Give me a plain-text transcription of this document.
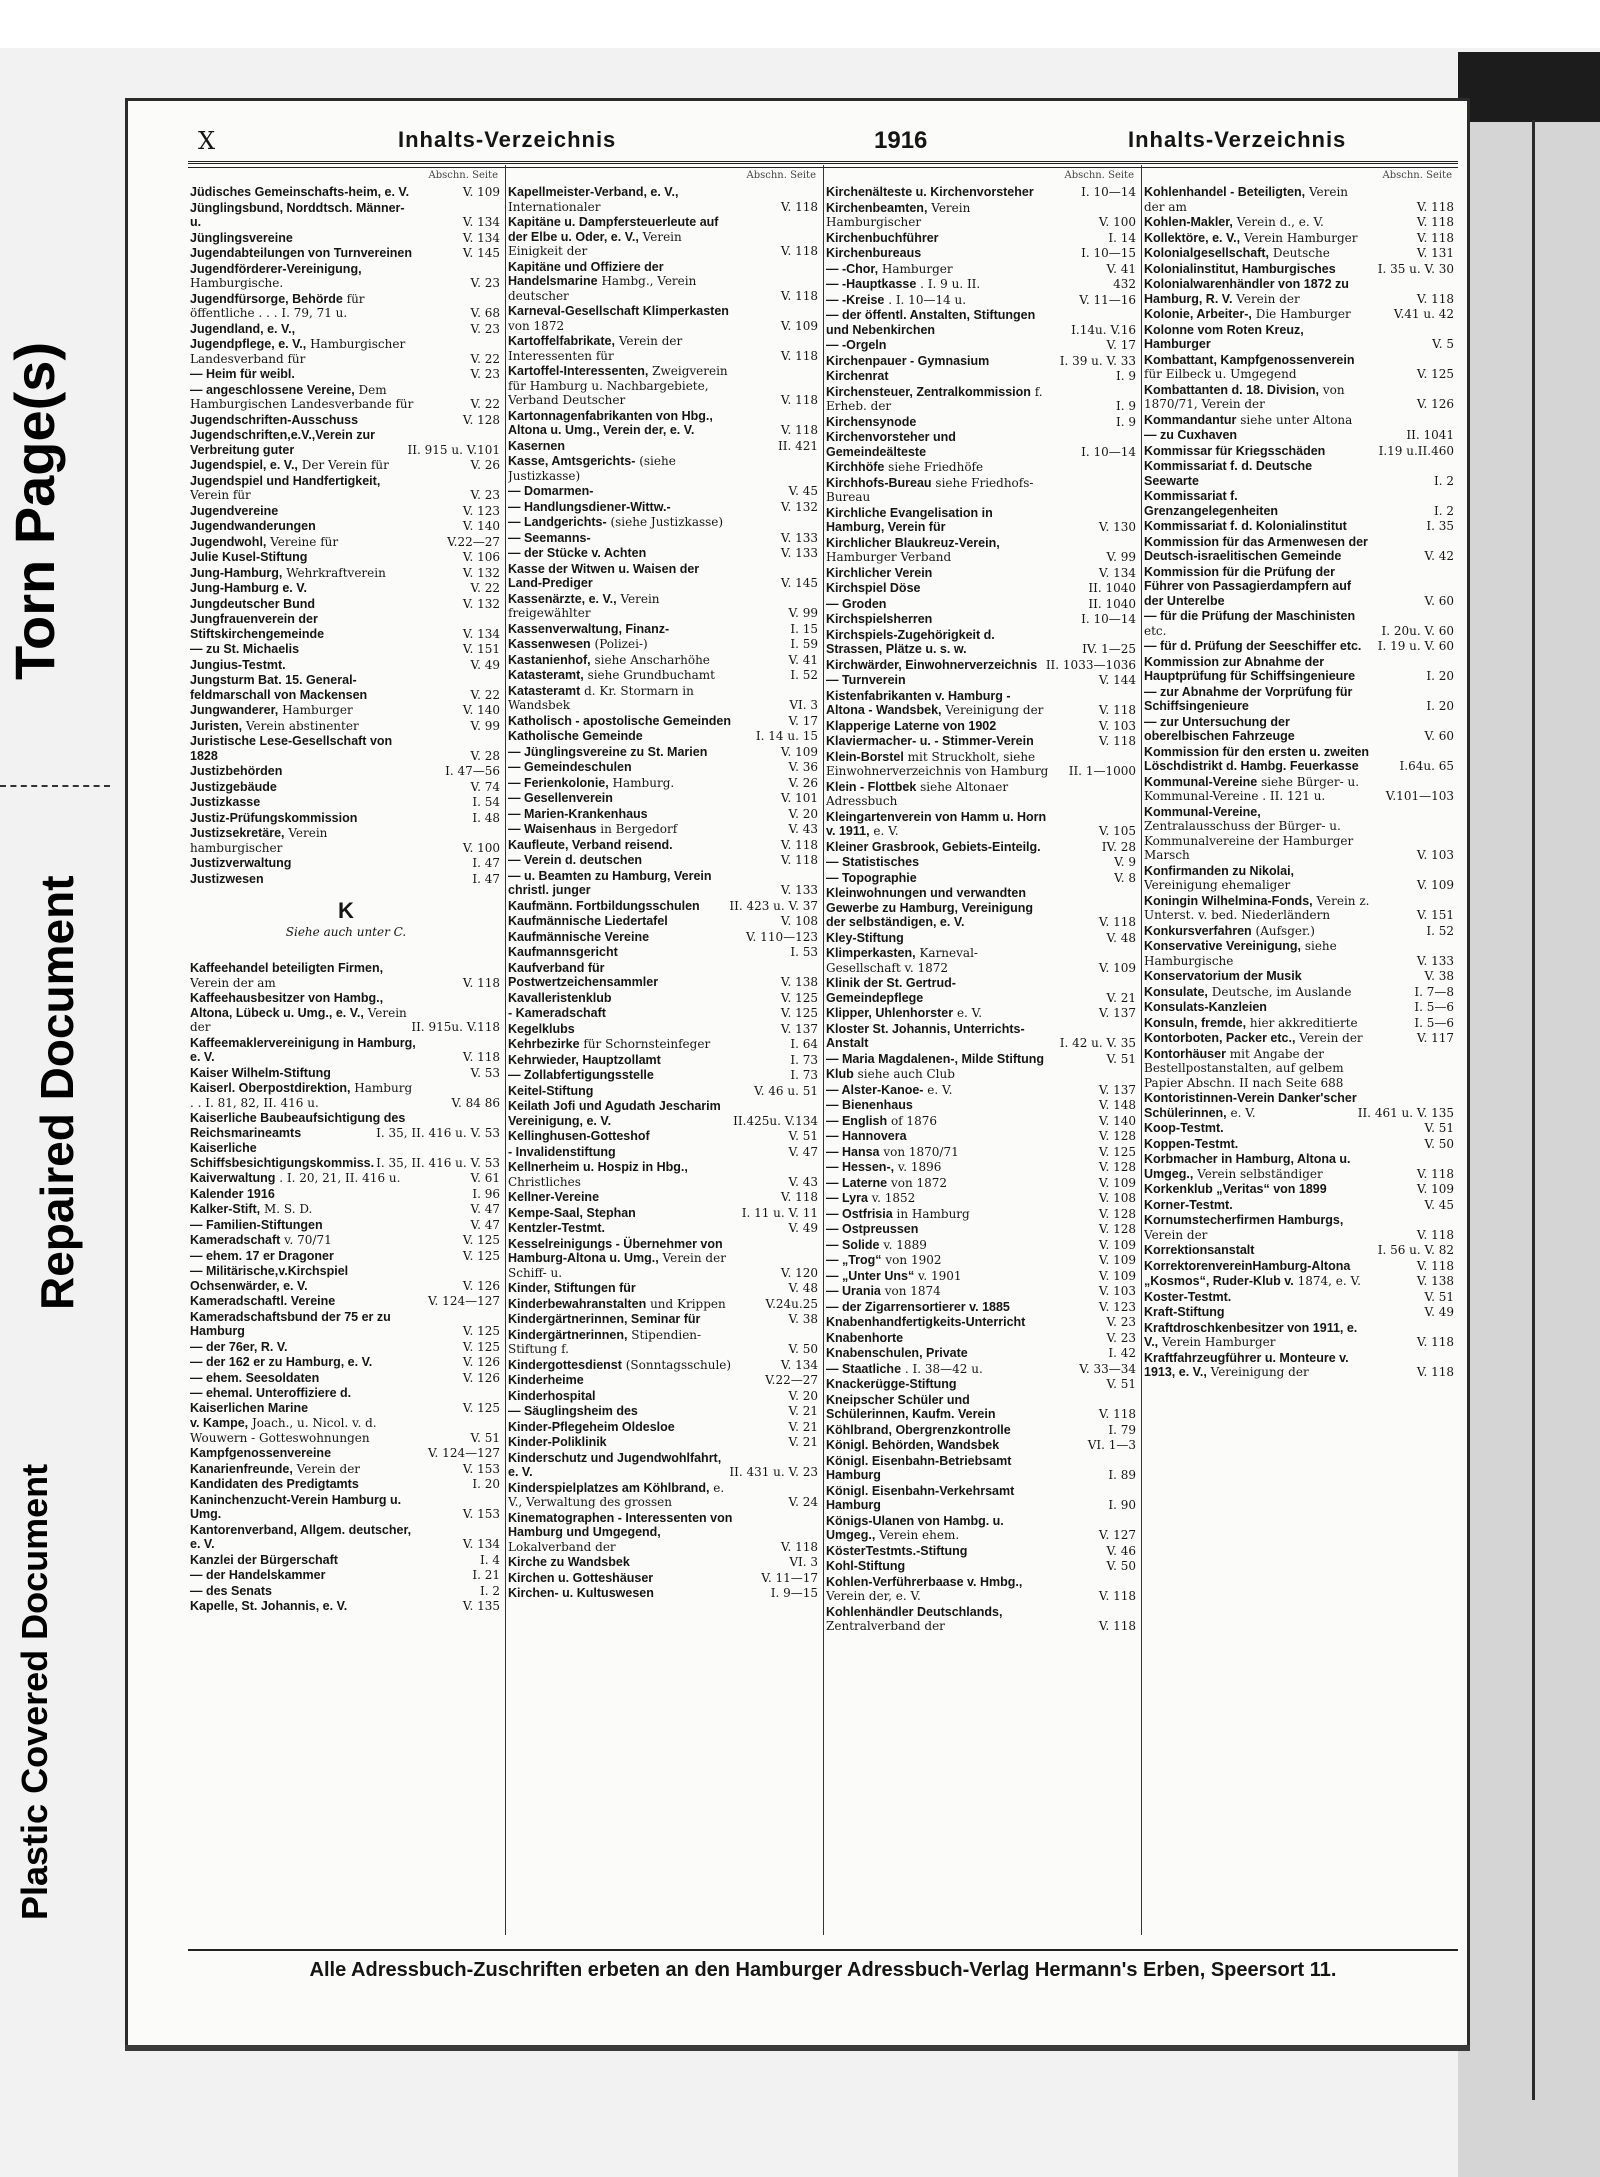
Torn Page(s)
Repaired Document
Plastic Covered Document
X	Inhalts-Verzeichnis	1916	Inhalts-Verzeichnis
Abschn. Seite
Jüdisches Gemeinschafts-heim, e. V.	V. 109
Jünglingsbund, Norddtsch. Männer- u.	V. 134
Jünglingsvereine	V. 134
Jugendabteilungen von Turnvereinen	V. 145
Jugendförderer-Vereinigung, Hamburgische.	V. 23
Jugendfürsorge, Behörde für öffentliche . . . I. 79, 71 u.	V. 68
Jugendland, e. V.,	V. 23
Jugendpflege, e. V., Hamburgischer Landesverband für	V. 22
— Heim für weibl.	V. 23
— angeschlossene Vereine, Dem Hamburgischen Landesverbande für	V. 22
Jugendschriften-Ausschuss	V. 128
Jugendschriften,e.V.,Verein zur Verbreitung guter	II. 915 u. V.101
Jugendspiel, e. V., Der Verein für	V. 26
Jugendspiel und Handfertigkeit, Verein für	V. 23
Jugendvereine	V. 123
Jugendwanderungen	V. 140
Jugendwohl, Vereine für	V.22—27
Julie Kusel-Stiftung	V. 106
Jung-Hamburg, Wehrkraftverein	V. 132
Jung-Hamburg e. V.	V. 22
Jungdeutscher Bund	V. 132
Jungfrauenverein der Stiftskirchengemeinde	V. 134
— zu St. Michaelis	V. 151
Jungius-Testmt.	V. 49
Jungsturm Bat. 15. General-feldmarschall von Mackensen	V. 22
Jungwanderer, Hamburger	V. 140
Juristen, Verein abstinenter	V. 99
Juristische Lese-Gesellschaft von 1828	V. 28
Justizbehörden	I. 47—56
Justizgebäude	V. 74
Justizkasse	I. 54
Justiz-Prüfungskommission	I. 48
Justizsekretäre, Verein hamburgischer	V. 100
Justizverwaltung	I. 47
Justizwesen	I. 47
K
Siehe auch unter C.
Kaffeehandel beteiligten Firmen, Verein der am	V. 118
Kaffeehausbesitzer von Hambg., Altona, Lübeck u. Umg., e. V., Verein der	II. 915u. V.118
Kaffeemaklervereinigung in Hamburg, e. V.	V. 118
Kaiser Wilhelm-Stiftung	V. 53
Kaiserl. Oberpostdirektion, Hamburg . . I. 81, 82, II. 416 u.	V. 84 86
Kaiserliche Baubeaufsichtigung des Reichsmarineamts	I. 35, II. 416 u. V. 53
Kaiserliche Schiffsbesichtigungskommiss. I. 35, II. 416 u. V. 53
Kaiverwaltung . I. 20, 21, II. 416 u.	V. 61
Kalender 1916	I. 96
Kalker-Stift, M. S. D.	V. 47
— Familien-Stiftungen	V. 47
Kameradschaft v. 70/71	V. 125
— ehem. 17 er Dragoner	V. 125
— Militärische,v.Kirchspiel Ochsenwärder, e. V.	V. 126
Kameradschaftl. Vereine	V. 124—127
Kameradschaftsbund der 75 er zu Hamburg	V. 125
— der 76er, R. V.	V. 125
— der 162 er zu Hamburg, e. V.	V. 126
— ehem. Seesoldaten	V. 126
— ehemal. Unteroffiziere d. Kaiserlichen Marine	V. 125
v. Kampe, Joach., u. Nicol. v. d. Wouwern - Gotteswohnungen	V. 51
Kampfgenossenvereine	V. 124—127
Kanarienfreunde, Verein der	V. 153
Kandidaten des Predigtamts	I. 20
Kaninchenzucht-Verein Hamburg u. Umg.	V. 153
Kantorenverband, Allgem. deutscher, e. V.	V. 134
Kanzlei der Bürgerschaft	I. 4
— der Handelskammer	I. 21
— des Senats	I. 2
Kapelle, St. Johannis, e. V.	V. 135
Abschn. Seite
Kapellmeister-Verband, e. V., Internationaler	V. 118
Kapitäne u. Dampfersteuerleute auf der Elbe u. Oder, e. V., Verein Einigkeit der	V. 118
Kapitäne und Offiziere der Handelsmarine Hambg., Verein deutscher	V. 118
Karneval-Gesellschaft Klimperkasten von 1872	V. 109
Kartoffelfabrikate, Verein der Interessenten für	V. 118
Kartoffel-Interessenten, Zweigverein für Hamburg u. Nachbargebiete, Verband Deutscher	V. 118
Kartonnagenfabrikanten von Hbg., Altona u. Umg., Verein der, e. V.	V. 118
Kasernen	II. 421
Kasse, Amtsgerichts- (siehe Justizkasse)
— Domarmen-	V. 45
— Handlungsdiener-Wittw.-	V. 132
— Landgerichts- (siehe Justizkasse)
— Seemanns-	V. 133
— der Stücke v. Achten	V. 133
Kasse der Witwen u. Waisen der Land-Prediger	V. 145
Kassenärzte, e. V., Verein freigewählter	V. 99
Kassenverwaltung, Finanz-	I. 15
Kassenwesen (Polizei-)	I. 59
Kastanienhof, siehe Anscharhöhe	V. 41
Katasteramt, siehe Grundbuchamt	I. 52
Katasteramt d. Kr. Stormarn in Wandsbek	VI. 3
Katholisch - apostolische Gemeinden	V. 17
Katholische Gemeinde	I. 14 u. 15
— Jünglingsvereine zu St. Marien	V. 109
— Gemeindeschulen	V. 36
— Ferienkolonie, Hamburg.	V. 26
— Gesellenverein	V. 101
— Marien-Krankenhaus	V. 20
— Waisenhaus in Bergedorf	V. 43
Kaufleute, Verband reisend.	V. 118
— Verein d. deutschen	V. 118
— u. Beamten zu Hamburg, Verein christl. junger	V. 133
Kaufmänn. Fortbildungsschulen II. 423 u. V. 37
Kaufmännische Liedertafel	V. 108
Kaufmännische Vereine	V. 110—123
Kaufmannsgericht	I. 53
Kaufverband für Postwertzeichensammler	V. 138
Kavalleristenklub	V. 125
- Kameradschaft	V. 125
Kegelklubs	V. 137
Kehrbezirke für Schornsteinfeger	I. 64
Kehrwieder, Hauptzollamt	I. 73
— Zollabfertigungsstelle	I. 73
Keitel-Stiftung	V. 46 u. 51
Keilath Jofi und Agudath Jescharim Vereinigung, e. V.	II.425u. V.134
Kellinghusen-Gotteshof	V. 51
- Invalidenstiftung	V. 47
Kellnerheim u. Hospiz in Hbg., Christliches	V. 43
Kellner-Vereine	V. 118
Kempe-Saal, Stephan	I. 11 u. V. 11
Kentzler-Testmt.	V. 49
Kesselreinigungs - Übernehmer von Hamburg-Altona u. Umg., Verein der Schiff- u.	V. 120
Kinder, Stiftungen für	V. 48
Kinderbewahranstalten und Krippen	V.24u.25
Kindergärtnerinnen, Seminar für	V. 38
Kindergärtnerinnen, Stipendien-Stiftung f.	V. 50
Kindergottesdienst (Sonntagsschule)	V. 134
Kinderheime	V.22—27
Kinderhospital	V. 20
— Säuglingsheim des	V. 21
Kinder-Pflegeheim Oldesloe	V. 21
Kinder-Poliklinik	V. 21
Kinderschutz und Jugendwohlfahrt, e. V.	II. 431 u. V. 23
Kinderspielplatzes am Köhlbrand, e. V., Verwaltung des grossen	V. 24
Kinematographen - Interessenten von Hamburg und Umgegend, Lokalverband der	V. 118
Kirche zu Wandsbek	VI. 3
Kirchen u. Gotteshäuser	V. 11—17
Kirchen- u. Kultuswesen	I. 9—15
Abschn. Seite
Kirchenälteste u. Kirchenvorsteher	I. 10—14
Kirchenbeamten, Verein Hamburgischer	V. 100
Kirchenbuchführer	I. 14
Kirchenbureaus	I. 10—15
— -Chor, Hamburger	V. 41
— -Hauptkasse . I. 9 u. II.	432
— -Kreise . I. 10—14 u.	V. 11—16
— der öffentl. Anstalten, Stiftungen und Nebenkirchen	I.14u. V.16
— -Orgeln	V. 17
Kirchenpauer - Gymnasium	I. 39 u. V. 33
Kirchenrat	I. 9
Kirchensteuer, Zentralkommission f. Erheb. der	I. 9
Kirchensynode	I. 9
Kirchenvorsteher und Gemeindeälteste	I. 10—14
Kirchhöfe siehe Friedhöfe
Kirchhofs-Bureau siehe Friedhofs-Bureau
Kirchliche Evangelisation in Hamburg, Verein für	V. 130
Kirchlicher Blaukreuz-Verein, Hamburger Verband	V. 99
Kirchlicher Verein	V. 134
Kirchspiel Döse	II. 1040
— Groden	II. 1040
Kirchspielsherren	I. 10—14
Kirchspiels-Zugehörigkeit d. Strassen, Plätze u. s. w.	IV. 1—25
Kirchwärder, Einwohnerverzeichnis II. 1033—1036
— Turnverein	V. 144
Kistenfabrikanten v. Hamburg - Altona - Wandsbek, Vereinigung der	V. 118
Klapperige Laterne von 1902	V. 103
Klaviermacher- u. - Stimmer-Verein	V. 118
Klein-Borstel mit Struckholt, siehe Einwohnerverzeichnis von Hamburg II. 1—1000
Klein - Flottbek siehe Altonaer Adressbuch
Kleingartenverein von Hamm u. Horn v. 1911, e. V.	V. 105
Kleiner Grasbrook, Gebiets-Einteilg.	IV. 28
— Statistisches	V. 9
— Topographie	V. 8
Kleinwohnungen und verwandten Gewerbe zu Hamburg, Vereinigung der selbständigen, e. V.	V. 118
Kley-Stiftung	V. 48
Klimperkasten, Karneval-Gesellschaft v. 1872	V. 109
Klinik der St. Gertrud-Gemeindepflege	V. 21
Klipper, Uhlenhorster e. V.	V. 137
Kloster St. Johannis, Unterrichts-Anstalt	I. 42 u. V. 35
— Maria Magdalenen-, Milde Stiftung	V. 51
Klub siehe auch Club
— Alster-Kanoe- e. V.	V. 137
— Bienenhaus	V. 148
— English of 1876	V. 140
— Hannovera	V. 128
— Hansa von 1870/71	V. 125
— Hessen-, v. 1896	V. 128
— Laterne von 1872	V. 109
— Lyra v. 1852	V. 108
— Ostfrisia in Hamburg	V. 128
— Ostpreussen	V. 128
— Solide v. 1889	V. 109
— „Trog“ von 1902	V. 109
— „Unter Uns“ v. 1901	V. 109
— Urania von 1874	V. 103
— der Zigarrensortierer v. 1885	V. 123
Knabenhandfertigkeits-Unterricht	V. 23
Knabenhorte	V. 23
Knabenschulen, Private	I. 42
— Staatliche . I. 38—42 u.	V. 33—34
Knackerügge-Stiftung	V. 51
Kneipscher Schüler und Schülerinnen, Kaufm. Verein	V. 118
Köhlbrand, Obergrenzkontrolle	I. 79
Königl. Behörden, Wandsbek	VI. 1—3
Königl. Eisenbahn-Betriebsamt Hamburg	I. 89
Königl. Eisenbahn-Verkehrsamt Hamburg	I. 90
Königs-Ulanen von Hambg. u. Umgeg., Verein ehem.	V. 127
KösterTestmts.-Stiftung	V. 46
Kohl-Stiftung	V. 50
Kohlen-Verführerbaase v. Hmbg., Verein der, e. V.	V. 118
Kohlenhändler Deutschlands, Zentralverband der	V. 118
Abschn. Seite
Kohlenhandel - Beteiligten, Verein der am	V. 118
Kohlen-Makler, Verein d., e. V.	V. 118
Kollektöre, e. V., Verein Hamburger	V. 118
Kolonialgesellschaft, Deutsche	V. 131
Kolonialinstitut, Hamburgisches	I. 35 u. V. 30
Kolonialwarenhändler von 1872 zu Hamburg, R. V. Verein der	V. 118
Kolonie, Arbeiter-, Die Hamburger	V.41 u. 42
Kolonne vom Roten Kreuz, Hamburger	V. 5
Kombattant, Kampfgenossenverein für Eilbeck u. Umgegend	V. 125
Kombattanten d. 18. Division, von 1870/71, Verein der	V. 126
Kommandantur siehe unter Altona
— zu Cuxhaven	II. 1041
Kommissar für Kriegsschäden	I.19 u.II.460
Kommissariat f. d. Deutsche Seewarte	I. 2
Kommissariat f. Grenzangelegenheiten	I. 2
Kommissariat f. d. Kolonialinstitut	I. 35
Kommission für das Armenwesen der Deutsch-israelitischen Gemeinde	V. 42
Kommission für die Prüfung der Führer von Passagierdampfern auf der Unterelbe	V. 60
— für die Prüfung der Maschinisten etc.	I. 20u. V. 60
— für d. Prüfung der Seeschiffer etc. I. 19 u. V. 60
Kommission zur Abnahme der Hauptprüfung für Schiffsingenieure	I. 20
— zur Abnahme der Vorprüfung für Schiffsingenieure	I. 20
— zur Untersuchung der oberelbischen Fahrzeuge	V. 60
Kommission für den ersten u. zweiten Löschdistrikt d. Hambg. Feuerkasse	I.64u. 65
Kommunal-Vereine siehe Bürger- u. Kommunal-Vereine . II. 121 u.	V.101—103
Kommunal-Vereine, Zentralausschuss der Bürger- u. Kommunalvereine der Hamburger Marsch	V. 103
Konfirmanden zu Nikolai, Vereinigung ehemaliger	V. 109
Koningin Wilhelmina-Fonds, Verein z. Unterst. v. bed. Niederländern	V. 151
Konkursverfahren (Aufsger.)	I. 52
Konservative Vereinigung, siehe Hamburgische	V. 133
Konservatorium der Musik	V. 38
Konsulate, Deutsche, im Auslande	I. 7—8
Konsulats-Kanzleien	I. 5—6
Konsuln, fremde, hier akkreditierte	I. 5—6
Kontorboten, Packer etc., Verein der	V. 117
Kontorhäuser mit Angabe der Bestellpostanstalten, auf gelbem Papier Abschn. II nach Seite 688
Kontoristinnen-Verein Danker'scher Schülerinnen, e. V.	II. 461 u. V. 135
Koop-Testmt.	V. 51
Koppen-Testmt.	V. 50
Korbmacher in Hamburg, Altona u. Umgeg., Verein selbständiger	V. 118
Korkenklub „Veritas“ von 1899	V. 109
Korner-Testmt.	V. 45
Kornumstecherfirmen Hamburgs, Verein der	V. 118
Korrektionsanstalt	I. 56 u. V. 82
KorrektorenvereinHamburg-Altona	V. 118
„Kosmos“, Ruder-Klub v. 1874, e. V.	V. 138
Koster-Testmt.	V. 51
Kraft-Stiftung	V. 49
Kraftdroschkenbesitzer von 1911, e. V., Verein Hamburger	V. 118
Kraftfahrzeugführer u. Monteure v. 1913, e. V., Vereinigung der	V. 118
Alle Adressbuch-Zuschriften erbeten an den Hamburger Adressbuch-Verlag Hermann's Erben, Speersort 11.
